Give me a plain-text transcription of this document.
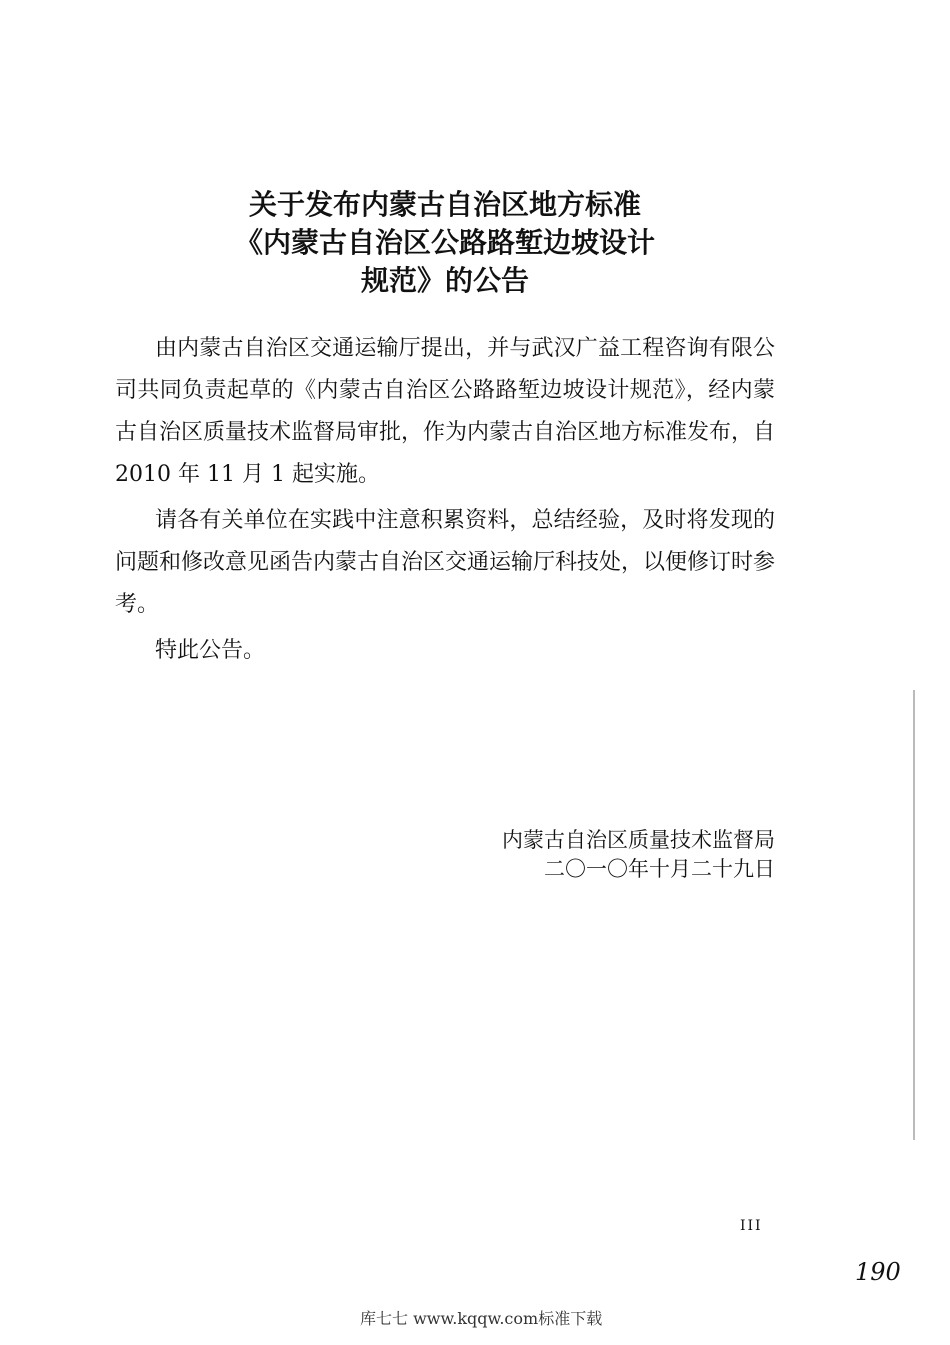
关于发布内蒙古自治区地方标准
《内蒙古自治区公路路堑边坡设计
规范》的公告
由内蒙古自治区交通运输厅提出，并与武汉广益工程咨询有限公
司共同负责起草的《内蒙古自治区公路路堑边坡设计规范》，经内蒙
古自治区质量技术监督局审批，作为内蒙古自治区地方标准发布，自
2010 年 11 月 1 起实施。
请各有关单位在实践中注意积累资料，总结经验，及时将发现的
问题和修改意见函告内蒙古自治区交通运输厅科技处，以便修订时参
考。
特此公告。
内蒙古自治区质量技术监督局
二〇一〇年十月二十九日
III
190
库七七 www.kqqw.com标准下载
